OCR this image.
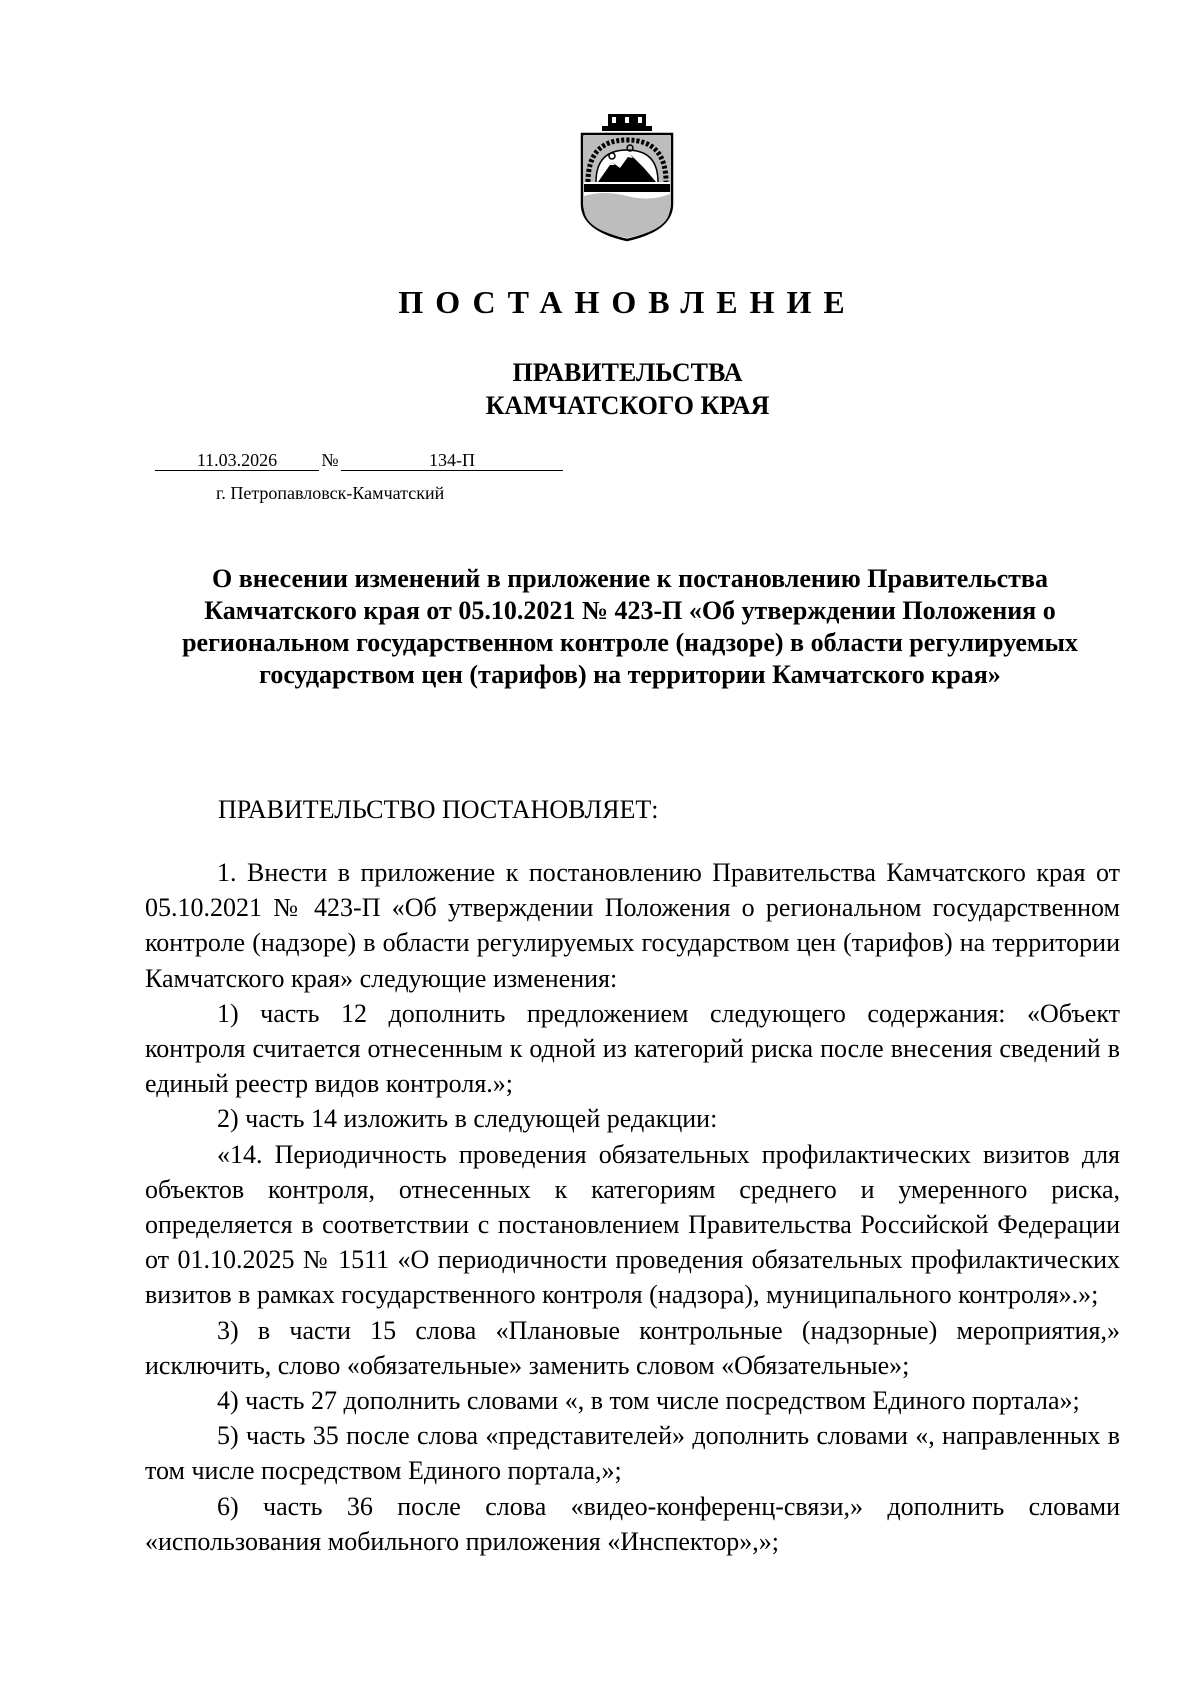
ПОСТАНОВЛЕНИЕ
ПРАВИТЕЛЬСТВА
КАМЧАТСКОГО КРАЯ
11.03.2026 №	134-П
г. Петропавловск-Камчатский
О внесении изменений в приложение к постановлению Правительства Камчатского края от 05.10.2021 № 423-П «Об утверждении Положения о региональном государственном контроле (надзоре) в области регулируемых государством цен (тарифов) на территории Камчатского края»
ПРАВИТЕЛЬСТВО ПОСТАНОВЛЯЕТ:

1. Внести в приложение к постановлению Правительства Камчатского края от 05.10.2021 № 423-П «Об утверждении Положения о региональном государственном контроле (надзоре) в области регулируемых государством цен (тарифов) на территории Камчатского края» следующие изменения:

1) часть 12 дополнить предложением следующего содержания: «Объект контроля считается отнесенным к одной из категорий риска после внесения сведений в единый реестр видов контроля.»;

2) часть 14 изложить в следующей редакции:

«14. Периодичность проведения обязательных профилактических визитов для объектов контроля, отнесенных к категориям среднего и умеренного риска, определяется в соответствии с постановлением Правительства Российской Федерации от 01.10.2025 № 1511 «О периодичности проведения обязательных профилактических визитов в рамках государственного контроля (надзора), муниципального контроля».»;

3) в части 15 слова «Плановые контрольные (надзорные) мероприятия,» исключить, слово «обязательные» заменить словом «Обязательные»;

4) часть 27 дополнить словами «, в том числе посредством Единого портала»;

5) часть 35 после слова «представителей» дополнить словами «, направленных в том числе посредством Единого портала,»;

6) часть 36 после слова «видео-конференц-связи,» дополнить словами «использования мобильного приложения «Инспектор»,»;
